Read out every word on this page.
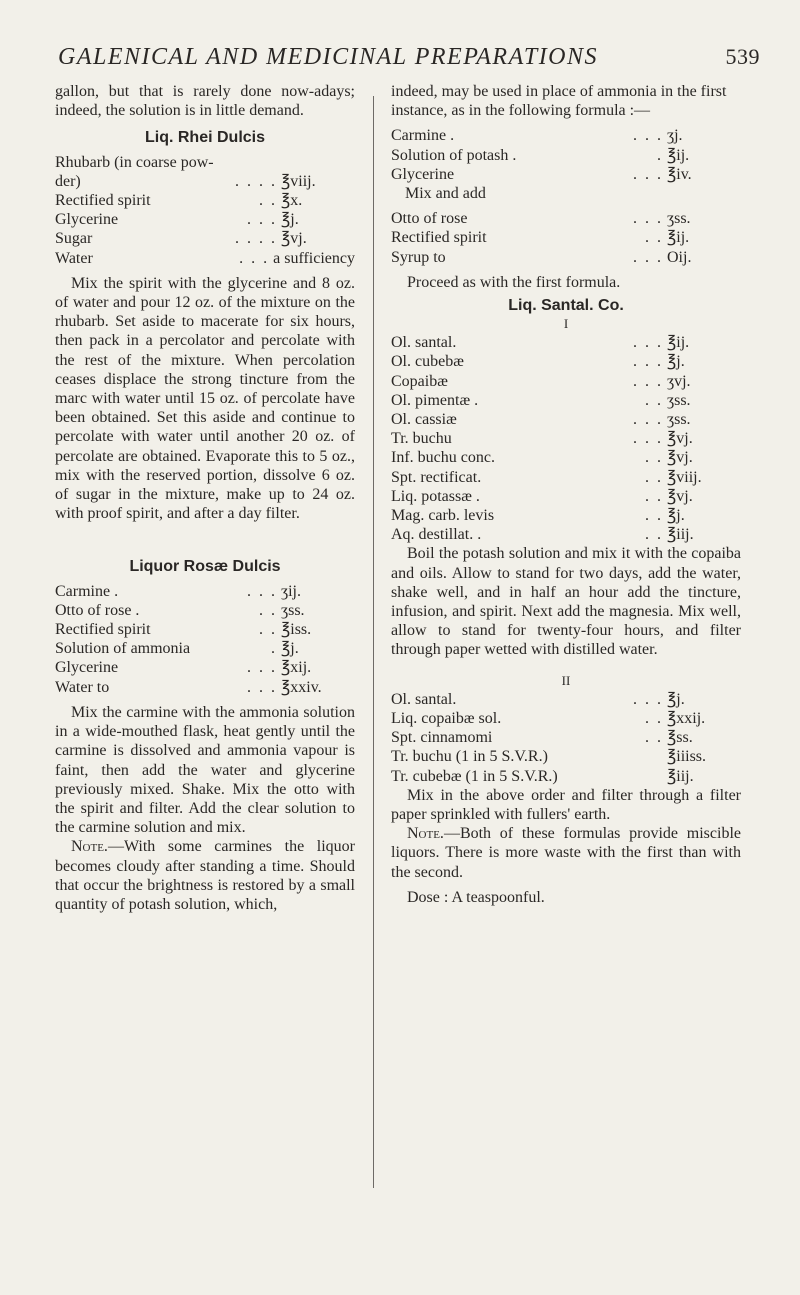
GALENICAL AND MEDICINAL PREPARATIONS	539

gallon, but that is rarely done now-adays; indeed, the solution is in little demand.

Liq. Rhei Dulcis
Rhubarb (in coarse pow-
der)	. . . . ℥viij.
Rectified spirit	. . ℥x.
Glycerine	. . . ℥j.
Sugar	. . . . ℥vj.
Water	. . . a sufficiency

Mix the spirit with the glycerine and 8 oz. of water and pour 12 oz. of the mixture on the rhubarb. Set aside to macerate for six hours, then pack in a percolator and percolate with the rest of the mixture. When percolation ceases displace the strong tincture from the marc with water until 15 oz. of percolate have been obtained. Set this aside and continue to percolate with water until another 20 oz. of percolate are obtained. Evaporate this to 5 oz., mix with the reserved portion, dissolve 6 oz. of sugar in the mixture, make up to 24 oz. with proof spirit, and after a day filter.

Liquor Rosæ Dulcis
Carmine .	. . . ʒij.
Otto of rose .	. . ʒss.
Rectified spirit	. . ℥iss.
Solution of ammonia	. ℥j.
Glycerine	. . . ℥xij.
Water to	. . . ℥xxiv.

Mix the carmine with the ammonia solution in a wide-mouthed flask, heat gently until the carmine is dissolved and ammonia vapour is faint, then add the water and glycerine previously mixed. Shake. Mix the otto with the spirit and filter. Add the clear solution to the carmine solution and mix.

Note.—With some carmines the liquor becomes cloudy after standing a time. Should that occur the brightness is restored by a small quantity of potash solution, which,

indeed, may be used in place of ammonia in the first instance, as in the following formula :—

Carmine .	. . . ʒj.
Solution of potash .	. ℥ij.
Glycerine	. . . ℥iv.
Mix and add
Otto of rose	. . . ʒss.
Rectified spirit	. . ℥ij.
Syrup to	. . . Oij.

Proceed as with the first formula.

Liq. Santal. Co.
I
Ol. santal.	. . . ℥ij.
Ol. cubebæ	. . . ℥j.
Copaibæ	. . . ʒvj.
Ol. pimentæ .	. . ʒss.
Ol. cassiæ	. . . ʒss.
Tr. buchu	. . . ℥vj.
Inf. buchu conc.	. . ℥vj.
Spt. rectificat.	. . ℥viij.
Liq. potassæ .	. . ℥vj.
Mag. carb. levis	. . ℥j.
Aq. destillat. .	. . ℥iij.

Boil the potash solution and mix it with the copaiba and oils. Allow to stand for two days, add the water, shake well, and in half an hour add the tincture, infusion, and spirit. Next add the magnesia. Mix well, allow to stand for twenty-four hours, and filter through paper wetted with distilled water.

II
Ol. santal.	. . . ℥j.
Liq. copaibæ sol.	. . ℥xxij.
Spt. cinnamomi	. . ℥ss.
Tr. buchu (1 in 5 S.V.R.)	℥iiiss.
Tr. cubebæ (1 in 5 S.V.R.)	℥iij.

Mix in the above order and filter through a filter paper sprinkled with fullers' earth.

Note.—Both of these formulas provide miscible liquors. There is more waste with the first than with the second.

Dose : A teaspoonful.
